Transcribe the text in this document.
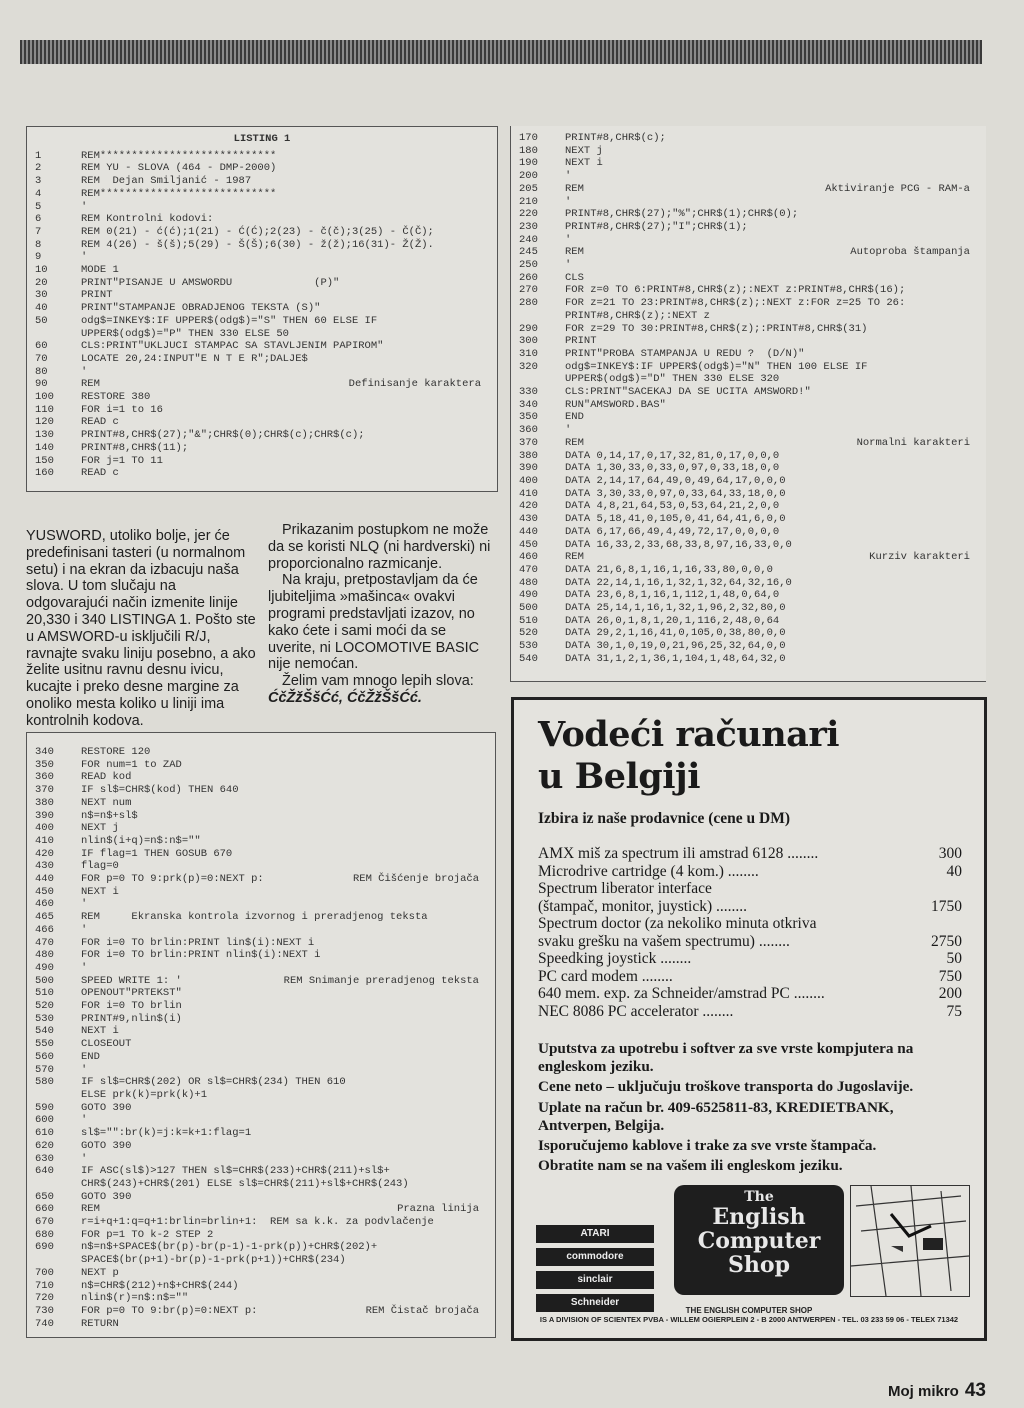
LISTING 1
1	REM****************************
2	REM YU - SLOVA (464 - DMP-2000)
3	REM  Dejan Smiljanić - 1987
4	REM****************************
5	'
6	REM Kontrolni kodovi:
7	REM 0(21) - ć(ć);1(21) - Ć(Ć);2(23) - č(č);3(25) - Č(Č);
8	REM 4(26) - š(š);5(29) - Š(Š);6(30) - ž(ž);16(31)- Ž(Ž).
9	'
10	MODE 1
20	PRINT"PISANJE U AMSWORDU             (P)"
30	PRINT
40	PRINT"STAMPANJE OBRADJENOG TEKSTA (S)"
50	odg$=INKEY$:IF UPPER$(odg$)="S" THEN 60 ELSE IF
UPPER$(odg$)="P" THEN 330 ELSE 50
60	CLS:PRINT"UKLJUCI STAMPAC SA STAVLJENIM PAPIROM"
70	LOCATE 20,24:INPUT"E N T E R";DALJE$
80	'
90	REM	Definisanje karaktera
100	RESTORE 380
110	FOR i=1 to 16
120	READ c
130	PRINT#8,CHR$(27);"&";CHR$(0);CHR$(c);CHR$(c);
140	PRINT#8,CHR$(11);
150	FOR j=1 TO 11
160	READ c
170	PRINT#8,CHR$(c);
180	NEXT j
190	NEXT i
200	'
205	REM	Aktiviranje PCG - RAM-a
210	'
220	PRINT#8,CHR$(27);"%";CHR$(1);CHR$(0);
230	PRINT#8,CHR$(27);"I";CHR$(1);
240	'
245	REM	Autoproba štampanja
250	'
260	CLS
270	FOR z=0 TO 6:PRINT#8,CHR$(z);:NEXT z:PRINT#8,CHR$(16);
280	FOR z=21 TO 23:PRINT#8,CHR$(z);:NEXT z:FOR z=25 TO 26:
PRINT#8,CHR$(z);:NEXT z
290	FOR z=29 TO 30:PRINT#8,CHR$(z);:PRINT#8,CHR$(31)
300	PRINT
310	PRINT"PROBA STAMPANJA U REDU ?  (D/N)"
320	odg$=INKEY$:IF UPPER$(odg$)="N" THEN 100 ELSE IF
UPPER$(odg$)="D" THEN 330 ELSE 320
330	CLS:PRINT"SACEKAJ DA SE UCITA AMSWORD!"
340	RUN"AMSWORD.BAS"
350	END
360	'
370	REM	Normalni karakteri
380	DATA 0,14,17,0,17,32,81,0,17,0,0,0
390	DATA 1,30,33,0,33,0,97,0,33,18,0,0
400	DATA 2,14,17,64,49,0,49,64,17,0,0,0
410	DATA 3,30,33,0,97,0,33,64,33,18,0,0
420	DATA 4,8,21,64,53,0,53,64,21,2,0,0
430	DATA 5,18,41,0,105,0,41,64,41,6,0,0
440	DATA 6,17,66,49,4,49,72,17,0,0,0,0
450	DATA 16,33,2,33,68,33,8,97,16,33,0,0
460	REM	Kurziv karakteri
470	DATA 21,6,8,1,16,1,16,33,80,0,0,0
480	DATA 22,14,1,16,1,32,1,32,64,32,16,0
490	DATA 23,6,8,1,16,1,112,1,48,0,64,0
500	DATA 25,14,1,16,1,32,1,96,2,32,80,0
510	DATA 26,0,1,8,1,20,1,116,2,48,0,64
520	DATA 29,2,1,16,41,0,105,0,38,80,0,0
530	DATA 30,1,0,19,0,21,96,25,32,64,0,0
540	DATA 31,1,2,1,36,1,104,1,48,64,32,0

YUSWORD, utoliko bolje, jer će predefinisani tasteri (u normalnom setu) i na ekran da izbacuju naša slova. U tom slučaju na odgovarajući način izmenite linije 20,330 i 340 LISTINGA 1. Pošto ste u AMSWORD-u isključili R/J, ravnajte svaku liniju posebno, a ako želite usitnu ravnu desnu ivicu, kucajte i preko desne margine za onoliko mesta koliko u liniji ima kontrolnih kodova.

Prikazanim postupkom ne može da se koristi NLQ (ni hardverski) ni proporcionalno razmicanje.

Na kraju, pretpostavljam da će ljubiteljima »mašinca« ovakvi programi predstavljati izazov, no kako ćete i sami moći da se uverite, ni LOCOMOTIVE BASIC nije nemoćan.

Želim vam mnogo lepih slova:

ĆčŽžŠšĆć, ĆčŽžŠšĆć.

340	RESTORE 120
350	FOR num=1 to ZAD
360	READ kod
370	IF sl$=CHR$(kod) THEN 640
380	NEXT num
390	n$=n$+sl$
400	NEXT j
410	nlin$(i+q)=n$:n$=""
420	IF flag=1 THEN GOSUB 670
430	flag=0
440	FOR p=0 TO 9:prk(p)=0:NEXT p:	REM Čišćenje brojača
450	NEXT i
460	'
465	REM     Ekranska kontrola izvornog i preradjenog teksta
466	'
470	FOR i=0 TO brlin:PRINT lin$(i):NEXT i
480	FOR i=0 TO brlin:PRINT nlin$(i):NEXT i
490	'
500	SPEED WRITE 1: '	REM Snimanje preradjenog teksta
510	OPENOUT"PRTEKST"
520	FOR i=0 TO brlin
530	PRINT#9,nlin$(i)
540	NEXT i
550	CLOSEOUT
560	END
570	'
580	IF sl$=CHR$(202) OR sl$=CHR$(234) THEN 610
ELSE prk(k)=prk(k)+1
590	GOTO 390
600	'
610	sl$="":br(k)=j:k=k+1:flag=1
620	GOTO 390
630	'
640	IF ASC(sl$)>127 THEN sl$=CHR$(233)+CHR$(211)+sl$+
CHR$(243)+CHR$(201) ELSE sl$=CHR$(211)+sl$+CHR$(243)
650	GOTO 390
660	REM	Prazna linija
670	r=i+q+1:q=q+1:brlin=brlin+1:  REM sa k.k. za podvlačenje
680	FOR p=1 TO k-2 STEP 2
690	n$=n$+SPACE$(br(p)-br(p-1)-1-prk(p))+CHR$(202)+
SPACE$(br(p+1)-br(p)-1-prk(p+1))+CHR$(234)
700	NEXT p
710	n$=CHR$(212)+n$+CHR$(244)
720	nlin$(r)=n$:n$=""
730	FOR p=0 TO 9:br(p)=0:NEXT p:	REM Čistač brojača
740	RETURN
Vodeći računari
u Belgiji
Izbira iz naše prodavnice (cene u DM)
AMX miš za spectrum ili amstrad 6128 ........	300
Microdrive cartridge (4 kom.) ........	40
Spectrum liberator interface
(štampač, monitor, juystick) ........	1750
Spectrum doctor (za nekoliko minuta otkriva
svaku grešku na vašem spectrumu) ........	2750
Speedking joystick ........	50
PC card modem ........	750
640 mem. exp. za Schneider/amstrad PC ........	200
NEC 8086 PC accelerator ........	75

Uputstva za upotrebu i softver za sve vrste kompjutera na engleskom jeziku.

Cene neto – uključuju troškove transporta do Jugoslavije.

Uplate na račun br. 409-6525811-83, KREDIETBANK, Antverpen, Belgija.

Isporučujemo kablove i trake za sve vrste štampača.

Obratite nam se na vašem ili engleskom jeziku.

ATARI
commodore
sinclair
Schneider
The
English
Computer
Shop
THE ENGLISH COMPUTER SHOP
IS A DIVISION OF SCIENTEX PVBA - WILLEM OGIERPLEIN 2 - B 2000 ANTWERPEN - TEL. 03 233 59 06 - TELEX 71342
Moj mikro 43
